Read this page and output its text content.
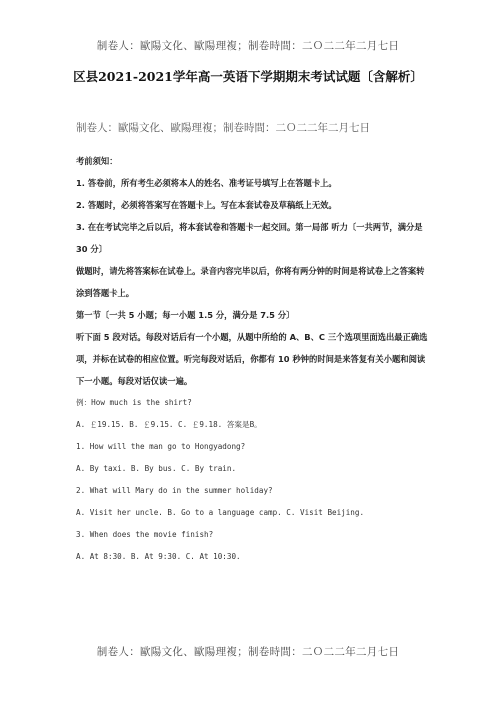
制卷人：歐陽文化、歐陽理複；制卷時間：二Ｏ二二年二月七日
区县2021-2021学年高一英语下学期期末考试试题〔含解析〕
制卷人：歐陽文化、歐陽理複；制卷時間：二Ｏ二二年二月七日
考前须知：
1. 答卷前，所有考生必须将本人的姓名、准考证号填写上在答题卡上。
2. 答题时，必须将答案写在答题卡上。写在本套试卷及草稿纸上无效。
3. 在在考试完毕之后以后，将本套试卷和答题卡一起交回。第一局部 听力〔一共两节，满分是 30 分〕
做题时，请先将答案标在试卷上。录音内容完毕以后，你将有两分钟的时间是将试卷上之答案转涂到答题卡上。
第一节〔一共 5 小题；每一小题 1.5 分，满分是 7.5 分〕
听下面 5 段对话。每段对话后有一个小题，从题中所给的 A、B、C 三个选项里面选出最正确选项，并标在试卷的相应位置。听完每段对话后，你都有 10 秒钟的时间是来答复有关小题和阅读下一小题。每段对话仅读一遍。
例：How much is the shirt?
A. ￡19.15. B. ￡9.15. C. ￡9.18. 答案是B。
1. How will the man go to Hongyadong?
A. By taxi. B. By bus. C. By train.
2. What will Mary do in the summer holiday?
A. Visit her uncle. B. Go to a language camp. C. Visit Beijing.
3. When does the movie finish?
A. At 8:30. B. At 9:30. C. At 10:30.
制卷人：歐陽文化、歐陽理複；制卷時間：二Ｏ二二年二月七日
